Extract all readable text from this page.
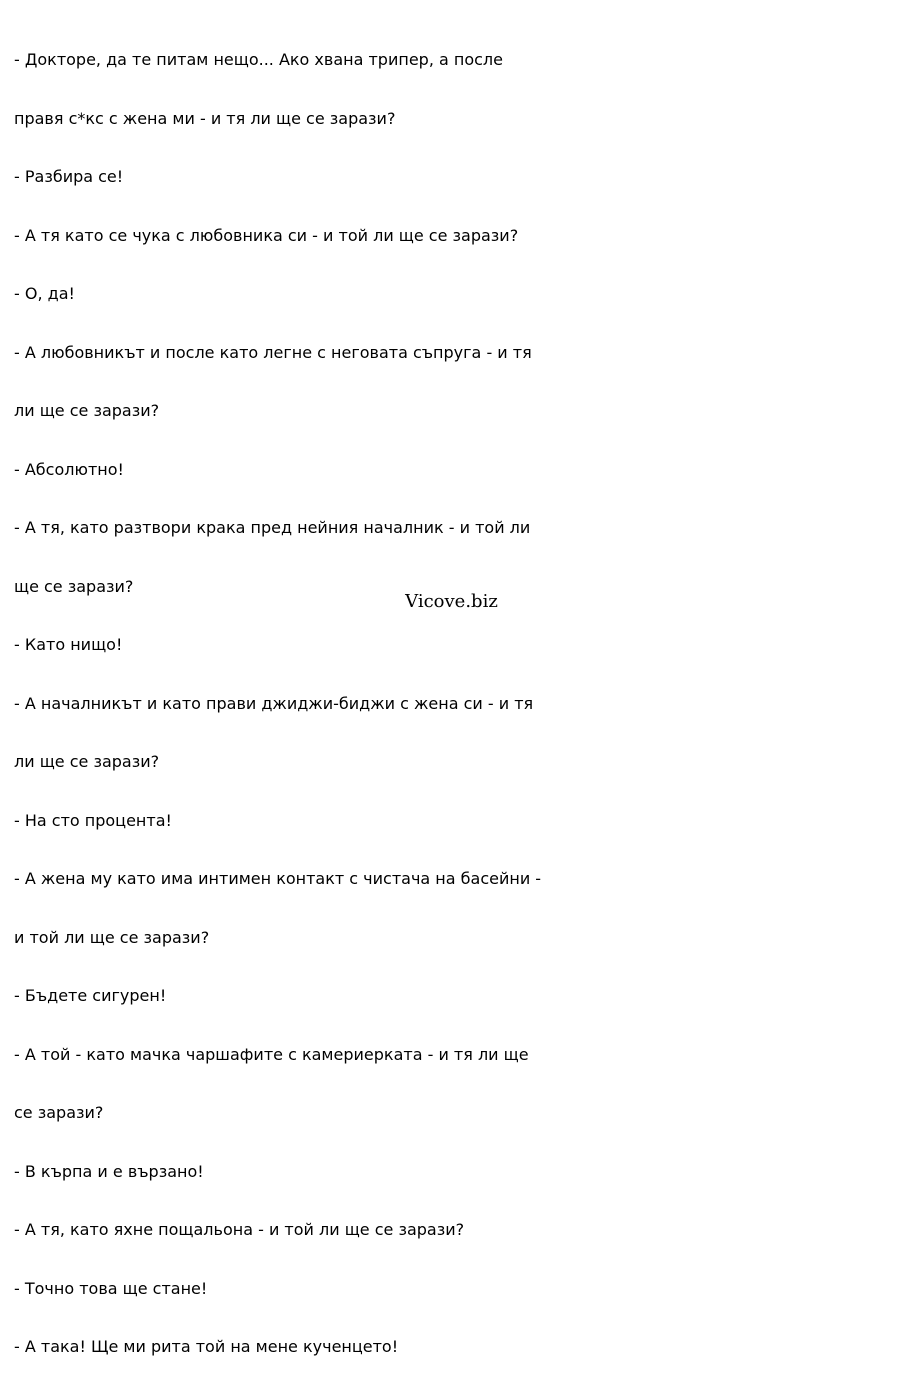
- Докторе, да те питам нещо... Ако хвана трипер, а после

правя с*кс с жена ми - и тя ли ще се зарази?

- Разбира се!

- А тя като се чука с любовника си - и той ли ще се зарази?

- О, да!

- А любовникът и после като легне с неговата съпруга - и тя

ли ще се зарази?

- Абсолютно!

- А тя, като разтвори крака пред нейния началник - и той ли

ще се зарази?

- Като нищо!

- А началникът и като прави джиджи-биджи с жена си - и тя

ли ще се зарази?

- На сто процента!

- А жена му като има интимен контакт с чистача на басейни -

и той ли ще се зарази?

- Бъдете сигурен!

- А той - като мачка чаршафите с камериерката - и тя ли ще

се зарази?

- В кърпа и е вързано!

- А тя, като яхне пощальона - и той ли ще се зарази?

- Точно това ще стане!

- А така! Ще ми рита той на мене кученцето!

Vicove.biz
